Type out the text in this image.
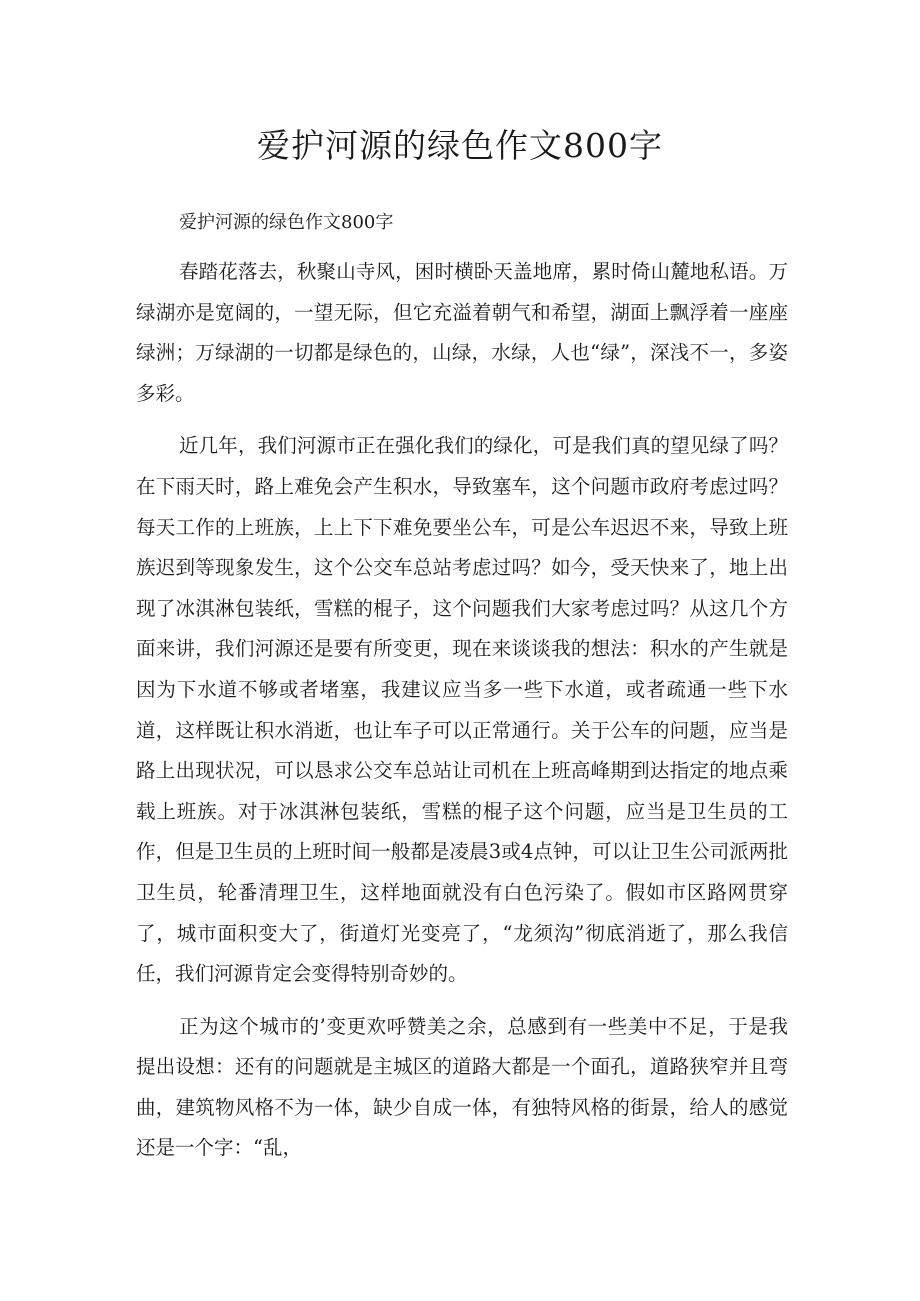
爱护河源的绿色作文800字

爱护河源的绿色作文800字

春踏花落去，秋聚山寺风，困时横卧天盖地席，累时倚山麓地私语。万绿湖亦是宽阔的，一望无际，但它充溢着朝气和希望，湖面上飘浮着一座座绿洲；万绿湖的一切都是绿色的，山绿，水绿，人也“绿”，深浅不一，多姿多彩。

近几年，我们河源市正在强化我们的绿化，可是我们真的望见绿了吗？在下雨天时，路上难免会产生积水，导致塞车，这个问题市政府考虑过吗？每天工作的上班族，上上下下难免要坐公车，可是公车迟迟不来，导致上班族迟到等现象发生，这个公交车总站考虑过吗？如今，受天快来了，地上出现了冰淇淋包装纸，雪糕的棍子，这个问题我们大家考虑过吗？从这几个方面来讲，我们河源还是要有所变更，现在来谈谈我的想法：积水的产生就是因为下水道不够或者堵塞，我建议应当多一些下水道，或者疏通一些下水道，这样既让积水消逝，也让车子可以正常通行。关于公车的问题，应当是路上出现状况，可以恳求公交车总站让司机在上班高峰期到达指定的地点乘载上班族。对于冰淇淋包装纸，雪糕的棍子这个问题，应当是卫生员的工作，但是卫生员的上班时间一般都是凌晨3或4点钟，可以让卫生公司派两批卫生员，轮番清理卫生，这样地面就没有白色污染了。假如市区路网贯穿了，城市面积变大了，街道灯光变亮了，“龙须沟”彻底消逝了，那么我信任，我们河源肯定会变得特别奇妙的。

正为这个城市的’变更欢呼赞美之余，总感到有一些美中不足，于是我提出设想：还有的问题就是主城区的道路大都是一个面孔，道路狭窄并且弯曲，建筑物风格不为一体，缺少自成一体，有独特风格的街景，给人的感觉还是一个字：“乱，
